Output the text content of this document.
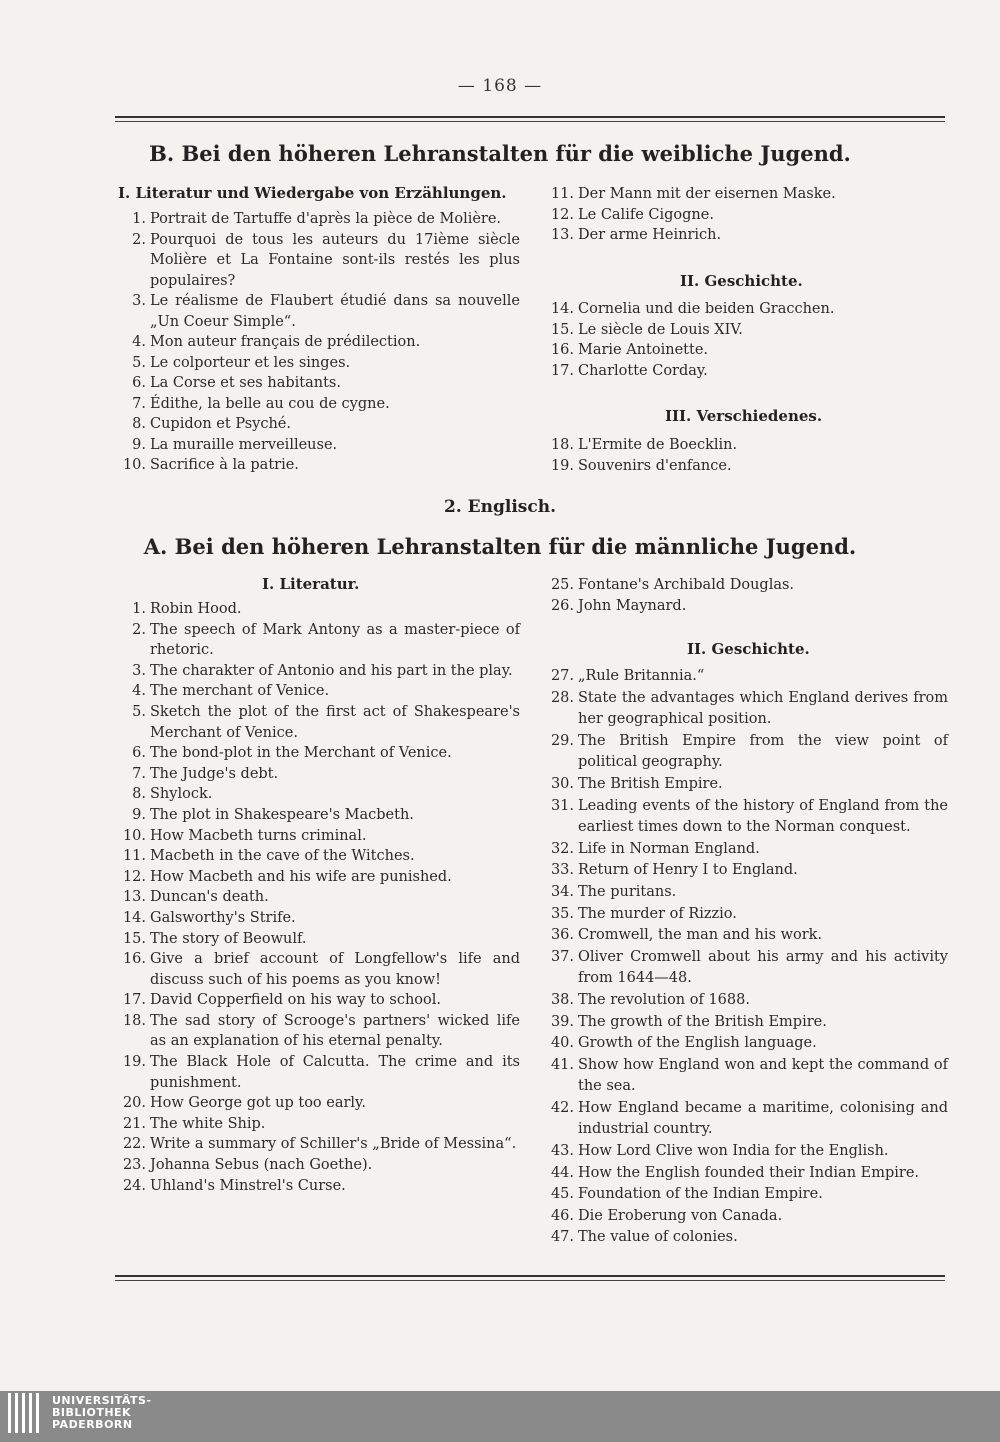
— 168 —
B. Bei den höheren Lehranstalten für die weibliche Jugend.
I. Literatur und Wiedergabe von Erzählungen.
1. Portrait de Tartuffe d'après la pièce de Molière.
2. Pourquoi de tous les auteurs du 17ième siècle Molière et La Fontaine sont-ils restés les plus populaires?
3. Le réalisme de Flaubert étudié dans sa nouvelle „Un Coeur Simple“.
4. Mon auteur français de prédilection.
5. Le colporteur et les singes.
6. La Corse et ses habitants.
7. Édithe, la belle au cou de cygne.
8. Cupidon et Psyché.
9. La muraille merveilleuse.
10. Sacrifice à la patrie.
11. Der Mann mit der eisernen Maske.
12. Le Calife Cigogne.
13. Der arme Heinrich.
II. Geschichte.
14. Cornelia und die beiden Gracchen.
15. Le siècle de Louis XIV.
16. Marie Antoinette.
17. Charlotte Corday.
III. Verschiedenes.
18. L'Ermite de Boecklin.
19. Souvenirs d'enfance.
2. Englisch.
A. Bei den höheren Lehranstalten für die männliche Jugend.
I. Literatur.
1. Robin Hood.
2. The speech of Mark Antony as a master-piece of rhetoric.
3. The charakter of Antonio and his part in the play.
4. The merchant of Venice.
5. Sketch the plot of the first act of Shakespeare's Merchant of Venice.
6. The bond-plot in the Merchant of Venice.
7. The Judge's debt.
8. Shylock.
9. The plot in Shakespeare's Macbeth.
10. How Macbeth turns criminal.
11. Macbeth in the cave of the Witches.
12. How Macbeth and his wife are punished.
13. Duncan's death.
14. Galsworthy's Strife.
15. The story of Beowulf.
16. Give a brief account of Longfellow's life and discuss such of his poems as you know!
17. David Copperfield on his way to school.
18. The sad story of Scrooge's partners' wicked life as an explanation of his eternal penalty.
19. The Black Hole of Calcutta. The crime and its punishment.
20. How George got up too early.
21. The white Ship.
22. Write a summary of Schiller's „Bride of Messina“.
23. Johanna Sebus (nach Goethe).
24. Uhland's Minstrel's Curse.
25. Fontane's Archibald Douglas.
26. John Maynard.
II. Geschichte.
27. „Rule Britannia.“
28. State the advantages which England derives from her geographical position.
29. The British Empire from the view point of political geography.
30. The British Empire.
31. Leading events of the history of England from the earliest times down to the Norman conquest.
32. Life in Norman England.
33. Return of Henry I to England.
34. The puritans.
35. The murder of Rizzio.
36. Cromwell, the man and his work.
37. Oliver Cromwell about his army and his activity from 1644—48.
38. The revolution of 1688.
39. The growth of the British Empire.
40. Growth of the English language.
41. Show how England won and kept the command of the sea.
42. How England became a maritime, colonising and industrial country.
43. How Lord Clive won India for the English.
44. How the English founded their Indian Empire.
45. Foundation of the Indian Empire.
46. Die Eroberung von Canada.
47. The value of colonies.
UNIVERSITÄTS-
BIBLIOTHEK
PADERBORN
